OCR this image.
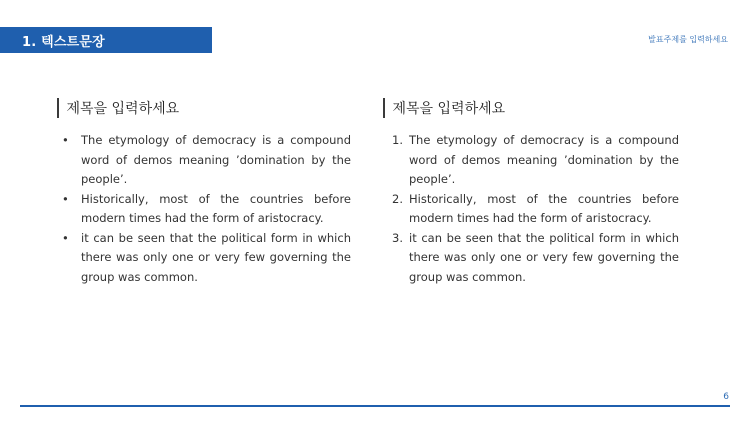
1. 텍스트문장	발표주제를 입력하세요
제목을 입력하세요
•	The etymology of democracy is a compound word of demos meaning ’domination by the people’.
•	Historically, most of the countries before modern times had the form of aristocracy.
•	it can be seen that the political form in which there was only one or very few governing the group was common.
제목을 입력하세요
1. The etymology of democracy is a compound word of demos meaning ’domination by the people’.
2. Historically, most of the countries before modern times had the form of aristocracy.
3. it can be seen that the political form in which there was only one or very few governing the group was common.
6
